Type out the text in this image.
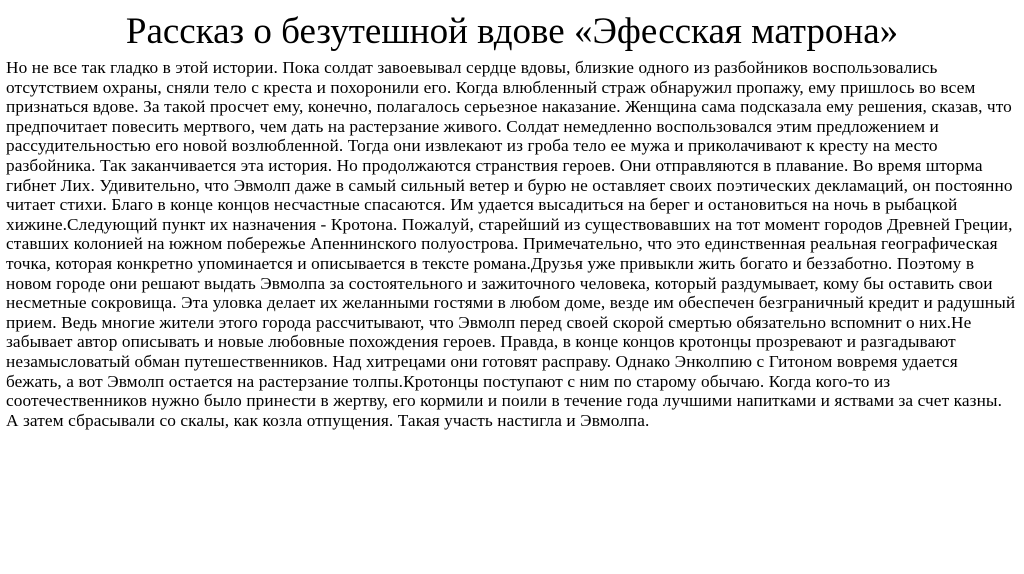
Рассказ о безутешной вдове «Эфесская матрона»

Но не все так гладко в этой истории. Пока солдат завоевывал сердце вдовы, близкие одного из разбойников воспользовались отсутствием охраны, сняли тело с креста и похоронили его. Когда влюбленный страж обнаружил пропажу, ему пришлось во всем признаться вдове. За такой просчет ему, конечно, полагалось серьезное наказание. Женщина сама подсказала ему решения, сказав, что предпочитает повесить мертвого, чем дать на растерзание живого. Солдат немедленно воспользовался этим предложением и рассудительностью его новой возлюбленной. Тогда они извлекают из гроба тело ее мужа и приколачивают к кресту на место разбойника. Так заканчивается эта история. Но продолжаются странствия героев. Они отправляются в плавание. Во время шторма гибнет Лих. Удивительно, что Эвмолп даже в самый сильный ветер и бурю не оставляет своих поэтических декламаций, он постоянно читает стихи. Благо в конце концов несчастные спасаются. Им удается высадиться на берег и остановиться на ночь в рыбацкой хижине.Следующий пункт их назначения - Кротона. Пожалуй, старейший из существовавших на тот момент городов Древней Греции, ставших колонией на южном побережье Апеннинского полуострова. Примечательно, что это единственная реальная географическая точка, которая конкретно упоминается и описывается в тексте романа.Друзья уже привыкли жить богато и беззаботно. Поэтому в новом городе они решают выдать Эвмолпа за состоятельного и зажиточного человека, который раздумывает, кому бы оставить свои несметные сокровища. Эта уловка делает их желанными гостями в любом доме, везде им обеспечен безграничный кредит и радушный прием. Ведь многие жители этого города рассчитывают, что Эвмолп перед своей скорой смертью обязательно вспомнит о них.Не забывает автор описывать и новые любовные похождения героев. Правда, в конце концов кротонцы прозревают и разгадывают незамысловатый обман путешественников. Над хитрецами они готовят расправу. Однако Энколпию с Гитоном вовремя удается бежать, а вот Эвмолп остается на растерзание толпы.Кротонцы поступают с ним по старому обычаю. Когда кого-то из соотечественников нужно было принести в жертву, его кормили и поили в течение года лучшими напитками и яствами за счет казны. А затем сбрасывали со скалы, как козла отпущения. Такая участь настигла и Эвмолпа.
